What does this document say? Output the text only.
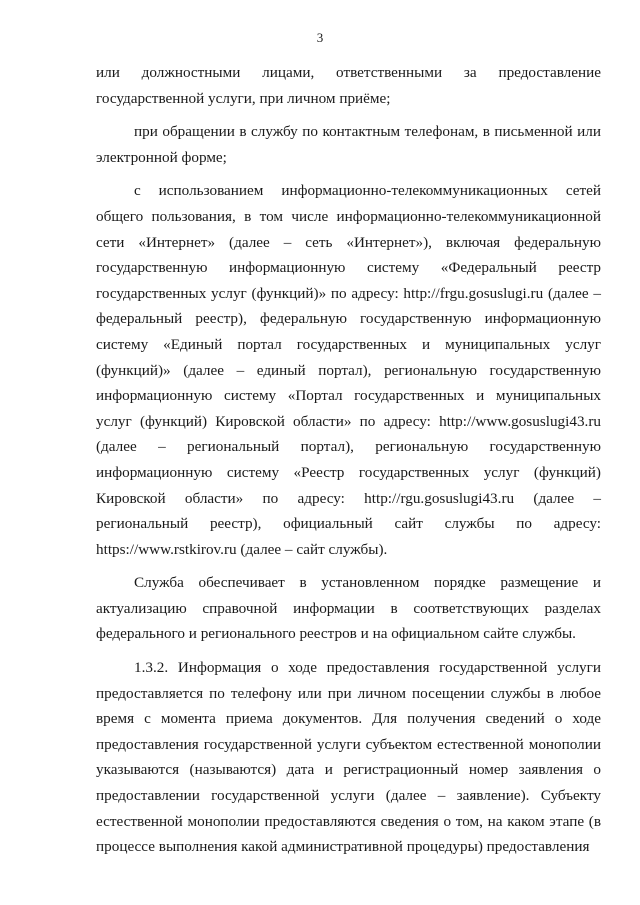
3

или должностными лицами, ответственными за предоставление государственной услуги, при личном приёме;

при обращении в службу по контактным телефонам, в письменной или электронной форме;

с использованием информационно-телекоммуникационных сетей общего пользования, в том числе информационно-телекоммуникационной сети «Интернет» (далее – сеть «Интернет»), включая федеральную государственную информационную систему «Федеральный реестр государственных услуг (функций)» по адресу: http://frgu.gosuslugi.ru (далее – федеральный реестр), федеральную государственную информационную систему «Единый портал государственных и муниципальных услуг (функций)» (далее – единый портал), региональную государственную информационную систему «Портал государственных и муниципальных услуг (функций) Кировской области» по адресу: http://www.gosuslugi43.ru (далее – региональный портал), региональную государственную информационную систему «Реестр государственных услуг (функций) Кировской области» по адресу: http://rgu.gosuslugi43.ru (далее – региональный реестр), официальный сайт службы по адресу: https://www.rstkirov.ru (далее – сайт службы).

Служба обеспечивает в установленном порядке размещение и актуализацию справочной информации в соответствующих разделах федерального и регионального реестров и на официальном сайте службы.

1.3.2. Информация о ходе предоставления государственной услуги предоставляется по телефону или при личном посещении службы в любое время с момента приема документов. Для получения сведений о ходе предоставления государственной услуги субъектом естественной монополии указываются (называются) дата и регистрационный номер заявления о предоставлении государственной услуги (далее – заявление). Субъекту естественной монополии предоставляются сведения о том, на каком этапе (в процессе выполнения какой административной процедуры) предоставления
